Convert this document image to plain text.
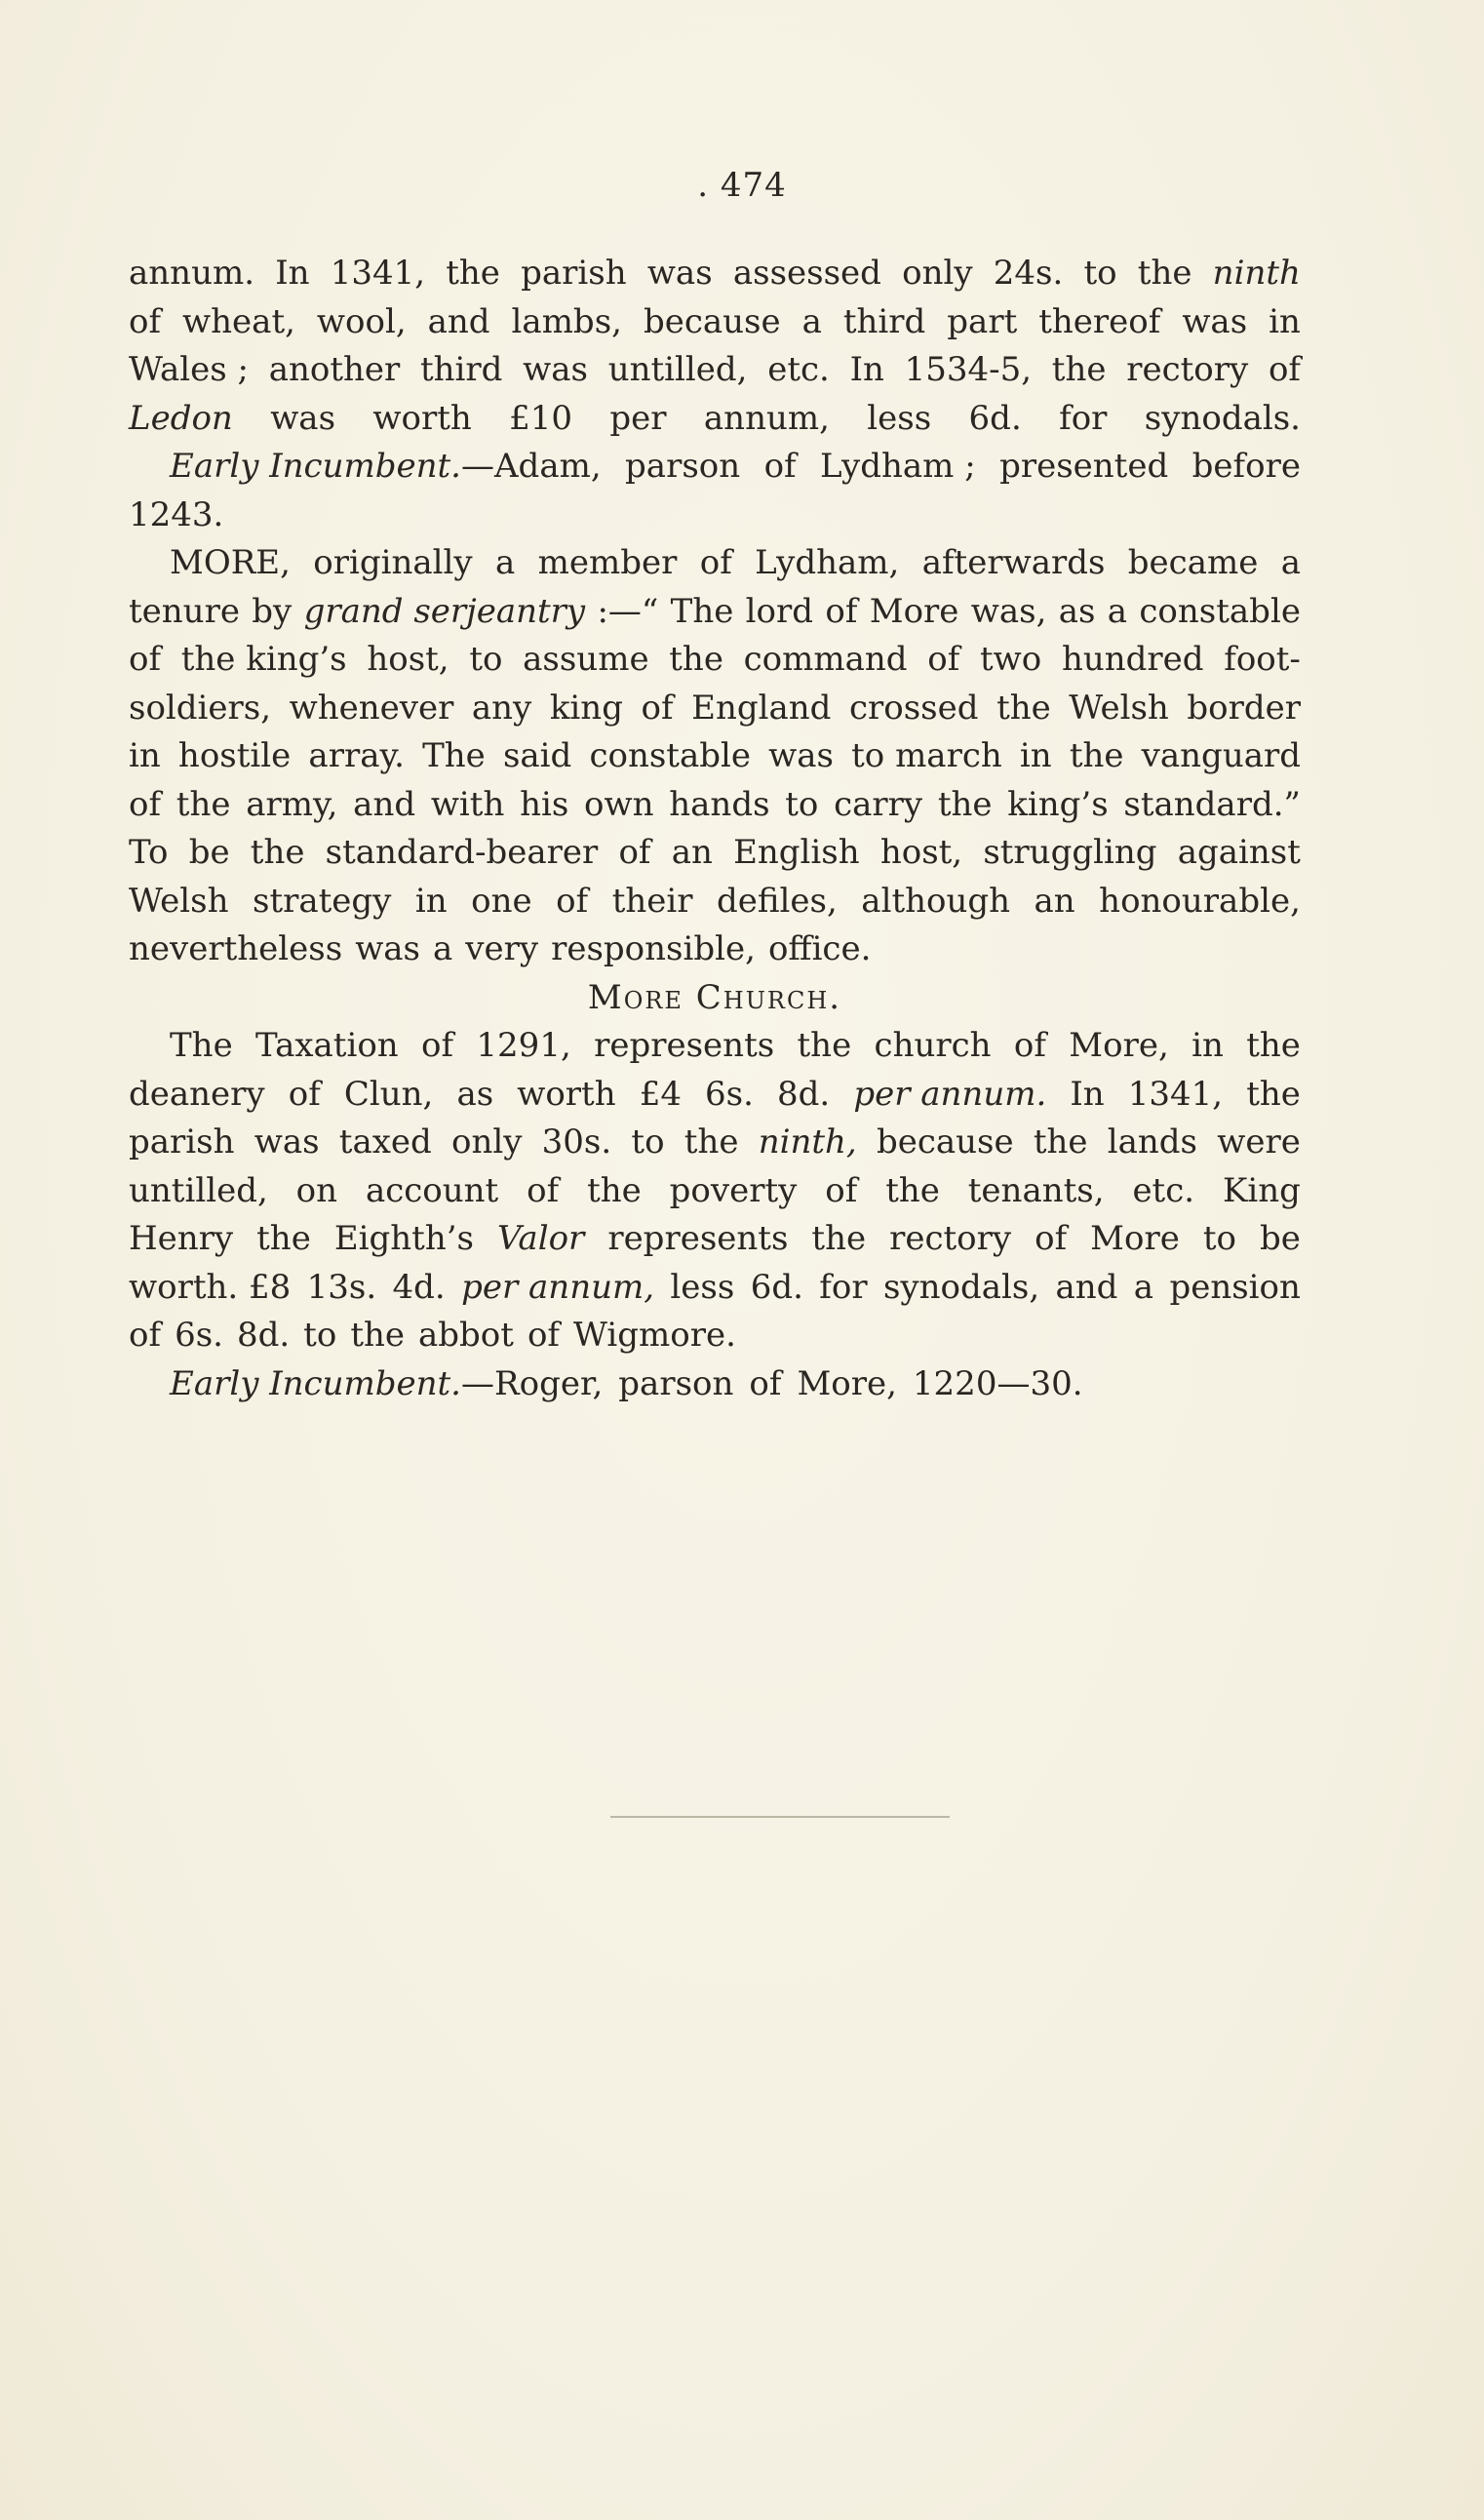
. 474
annum. In 1341, the parish was assessed only 24s. to the ninth
of wheat, wool, and lambs, because a third part thereof was in
Wales ; another third was untilled, etc. In 1534-5, the rectory of
Ledon was worth £10 per annum, less 6d. for synodals.
Early Incumbent.—Adam, parson of Lydham ; presented before
1243.
MORE, originally a member of Lydham, afterwards became a
tenure by grand serjeantry :—“ The lord of More was, as a constable
of the king’s host, to assume the command of two hundred foot-
soldiers, whenever any king of England crossed the Welsh border
in hostile array. The said constable was to march in the vanguard
of the army, and with his own hands to carry the king’s standard.”
To be the standard-bearer of an English host, struggling against
Welsh strategy in one of their defiles, although an honourable,
nevertheless was a very responsible, office.
More Church.
The Taxation of 1291, represents the church of More, in the
deanery of Clun, as worth £4 6s. 8d. per annum. In 1341, the
parish was taxed only 30s. to the ninth, because the lands were
untilled, on account of the poverty of the tenants, etc. King
Henry the Eighth’s Valor represents the rectory of More to be
worth. £8 13s. 4d. per annum, less 6d. for synodals, and a pension
of 6s. 8d. to the abbot of Wigmore.
Early Incumbent.—Roger, parson of More, 1220—30.
